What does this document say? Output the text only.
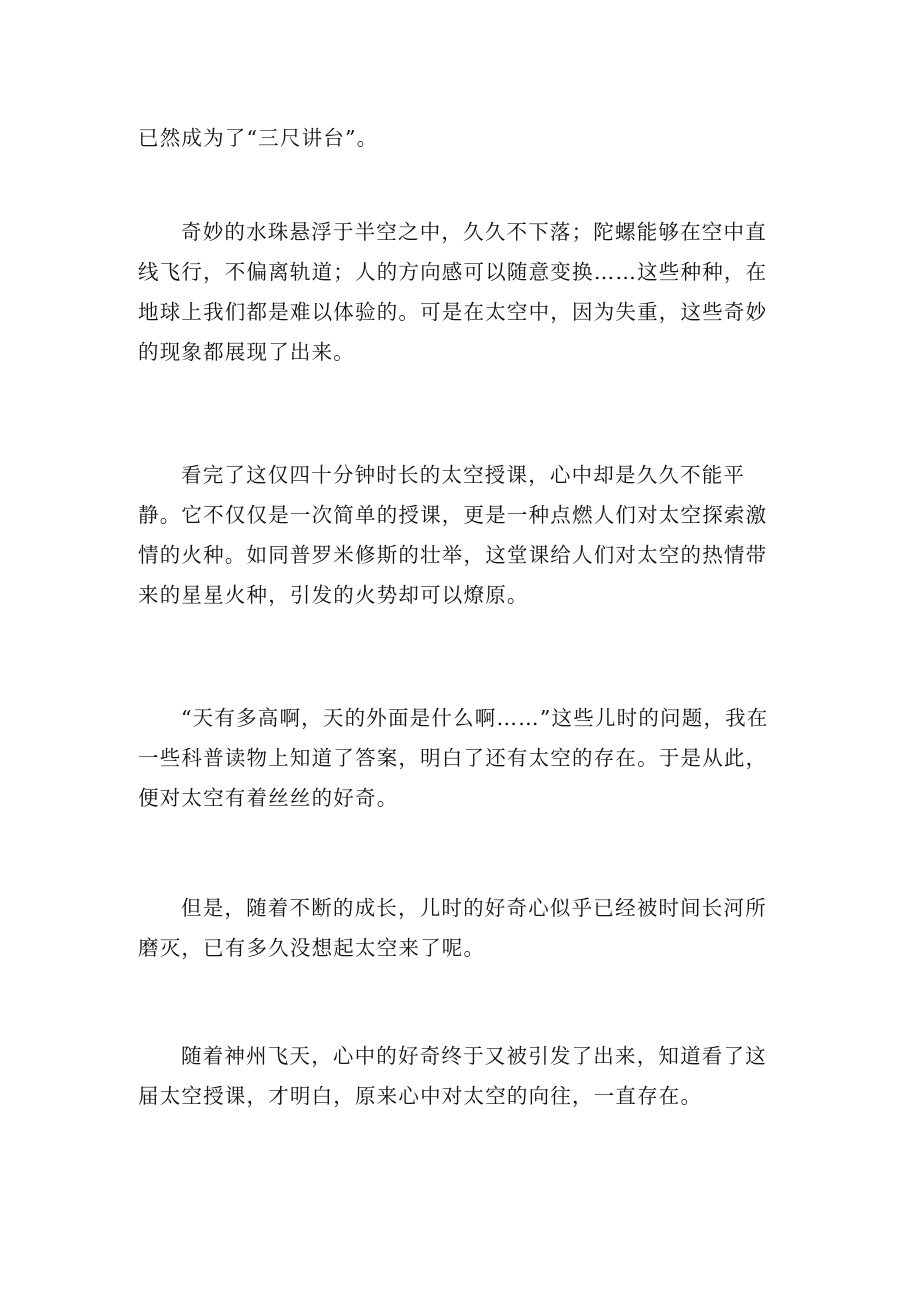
已然成为了“三尺讲台”。

奇妙的水珠悬浮于半空之中，久久不下落；陀螺能够在空中直线飞行，不偏离轨道；人的方向感可以随意变换……这些种种，在地球上我们都是难以体验的。可是在太空中，因为失重，这些奇妙的现象都展现了出来。

看完了这仅四十分钟时长的太空授课，心中却是久久不能平静。它不仅仅是一次简单的授课，更是一种点燃人们对太空探索激情的火种。如同普罗米修斯的壮举，这堂课给人们对太空的热情带来的星星火种，引发的火势却可以燎原。

“天有多高啊，天的外面是什么啊……”这些儿时的问题，我在一些科普读物上知道了答案，明白了还有太空的存在。于是从此，便对太空有着丝丝的好奇。

但是，随着不断的成长，儿时的好奇心似乎已经被时间长河所磨灭，已有多久没想起太空来了呢。

随着神州飞天，心中的好奇终于又被引发了出来，知道看了这届太空授课，才明白，原来心中对太空的向往，一直存在。
